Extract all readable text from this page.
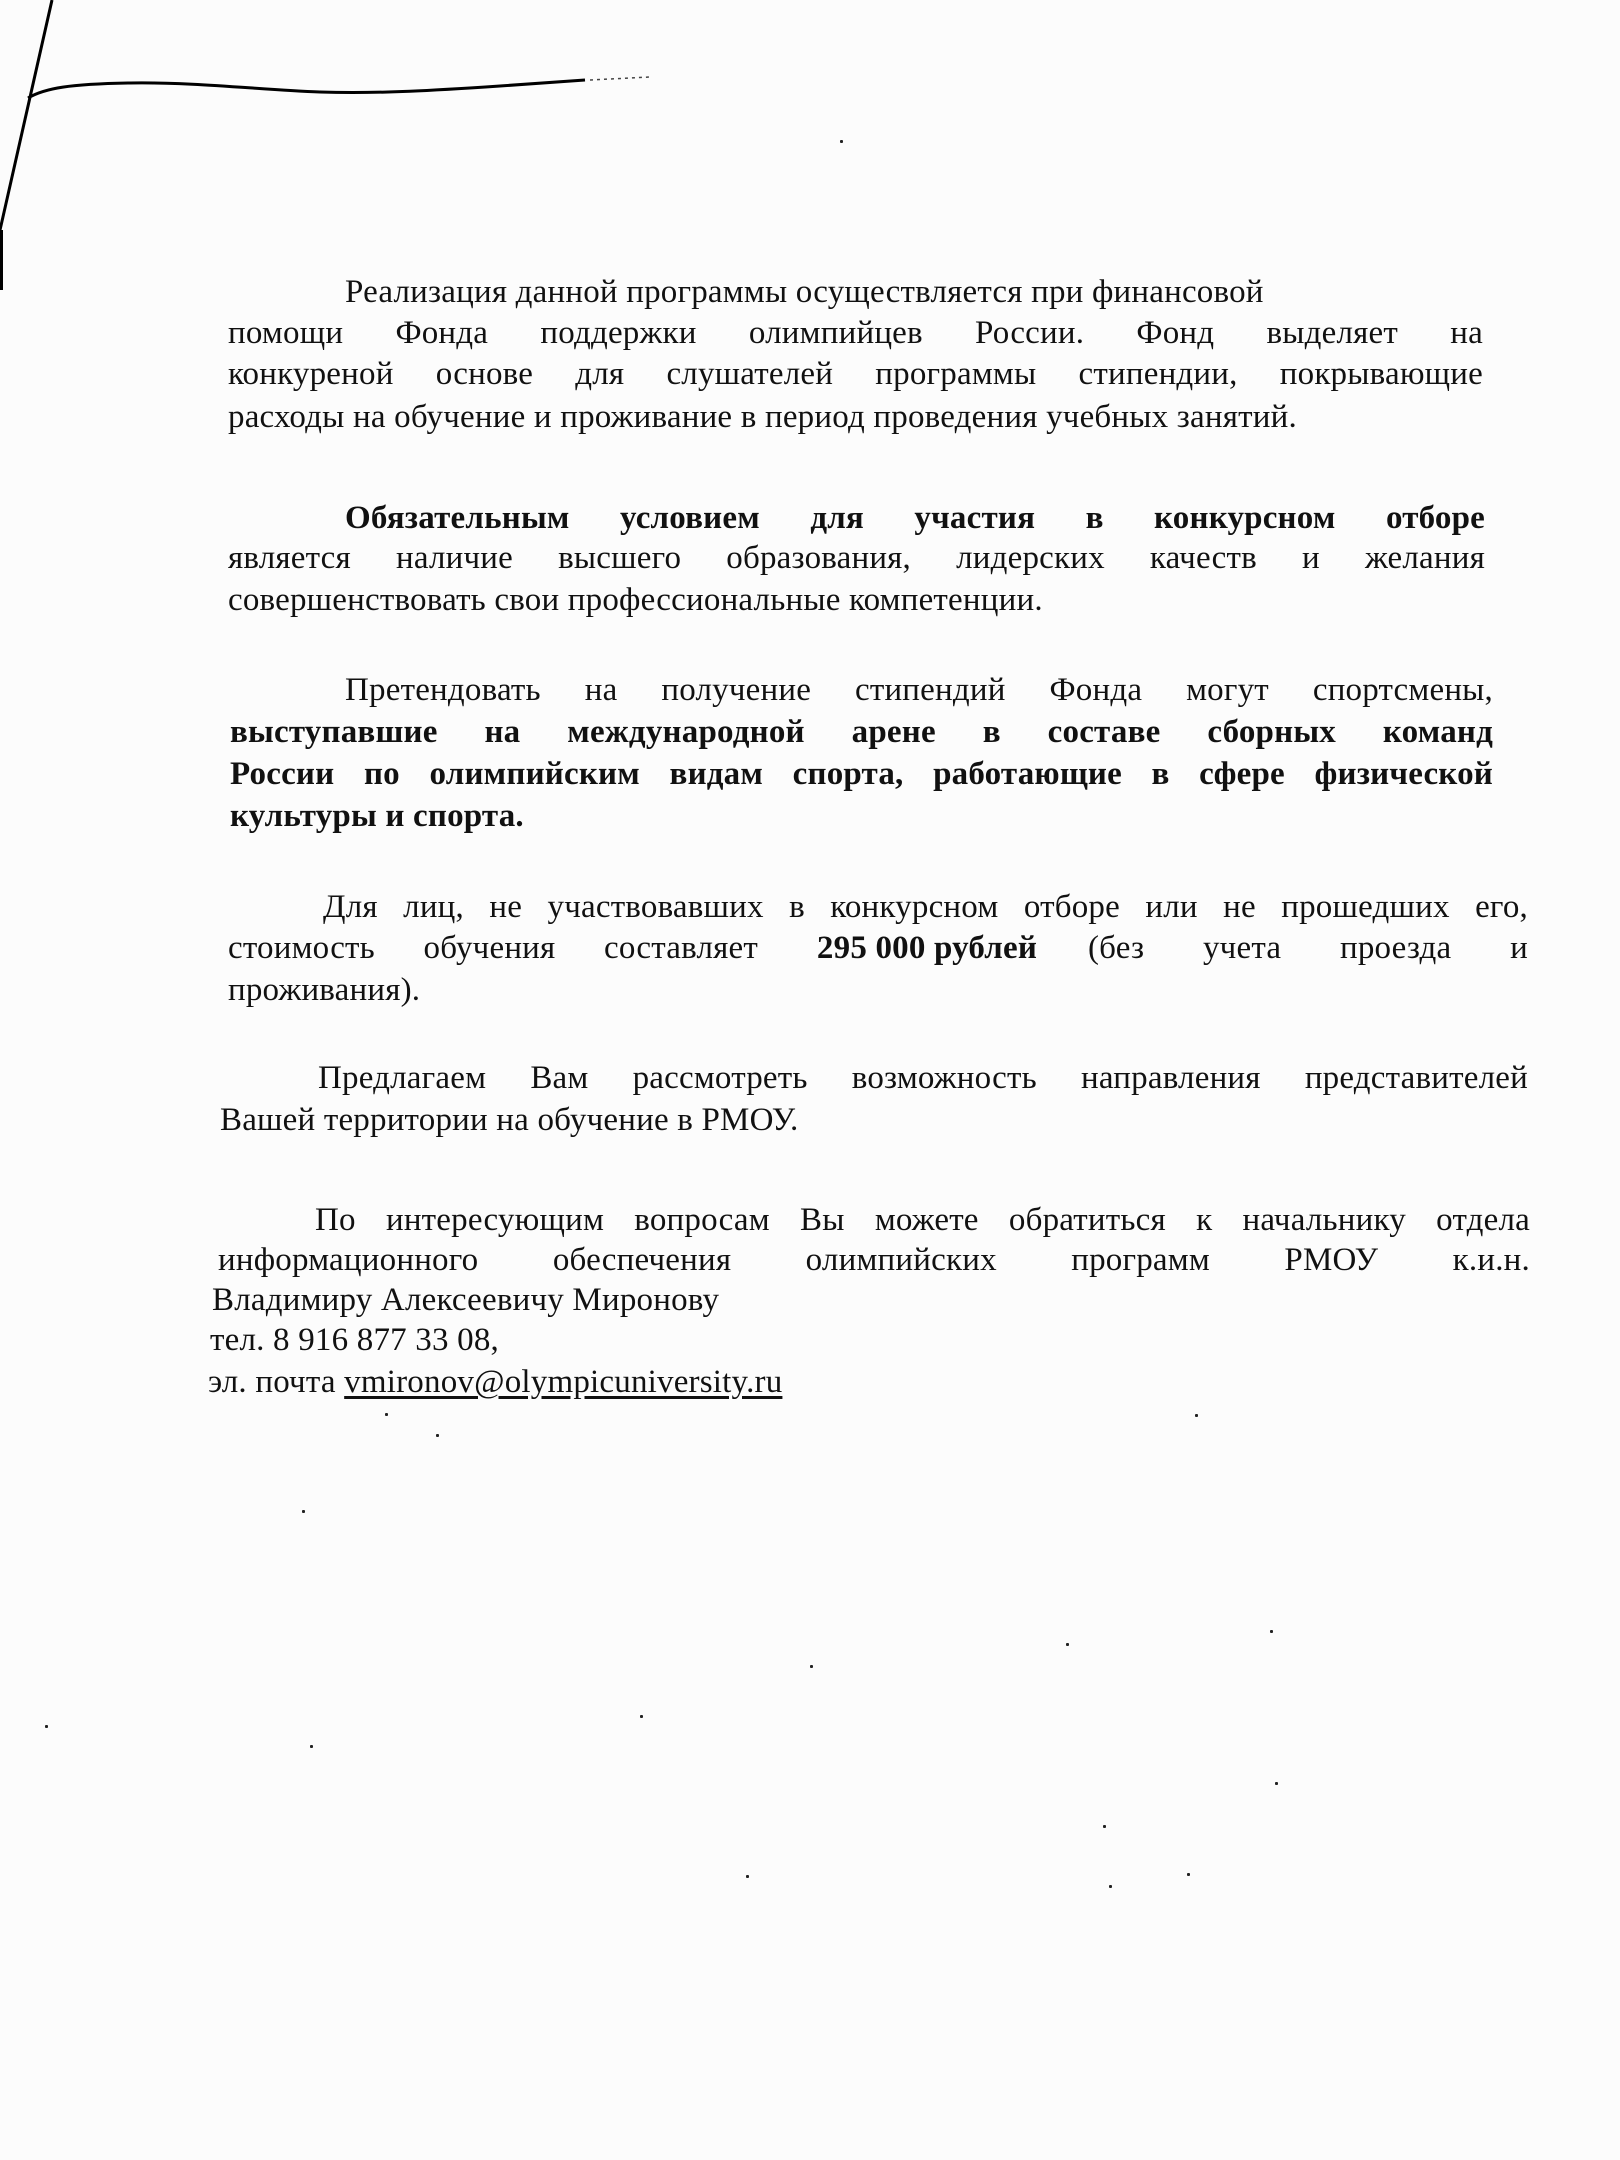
Реализация данной программы осуществляется при финансовой
помощи Фонда поддержки олимпийцев России. Фонд выделяет на
конкуреной основе для слушателей программы стипендии, покрывающие
расходы на обучение и проживание в период проведения учебных занятий.
Обязательным условием для участия в конкурсном отборе
является наличие высшего образования, лидерских качеств и желания
совершенствовать свои профессиональные компетенции.
Претендовать на получение стипендий Фонда могут спортсмены,
выступавшие на международной арене в составе сборных команд
России по олимпийским видам спорта, работающие в сфере физической
культуры и спорта.
Для лиц, не участвовавших в конкурсном отборе или не прошедших его,
стоимость обучения составляет 295 000 рублей (без учета проезда и
проживания).
Предлагаем Вам рассмотреть возможность направления представителей
Вашей территории на обучение в РМОУ.
По интересующим вопросам Вы можете обратиться к начальнику отдела
информационного обеспечения олимпийских программ РМОУ к.и.н.
Владимиру Алексеевичу Миронову
тел. 8 916 877 33 08,
эл. почта vmironov@olympicuniversity.ru
